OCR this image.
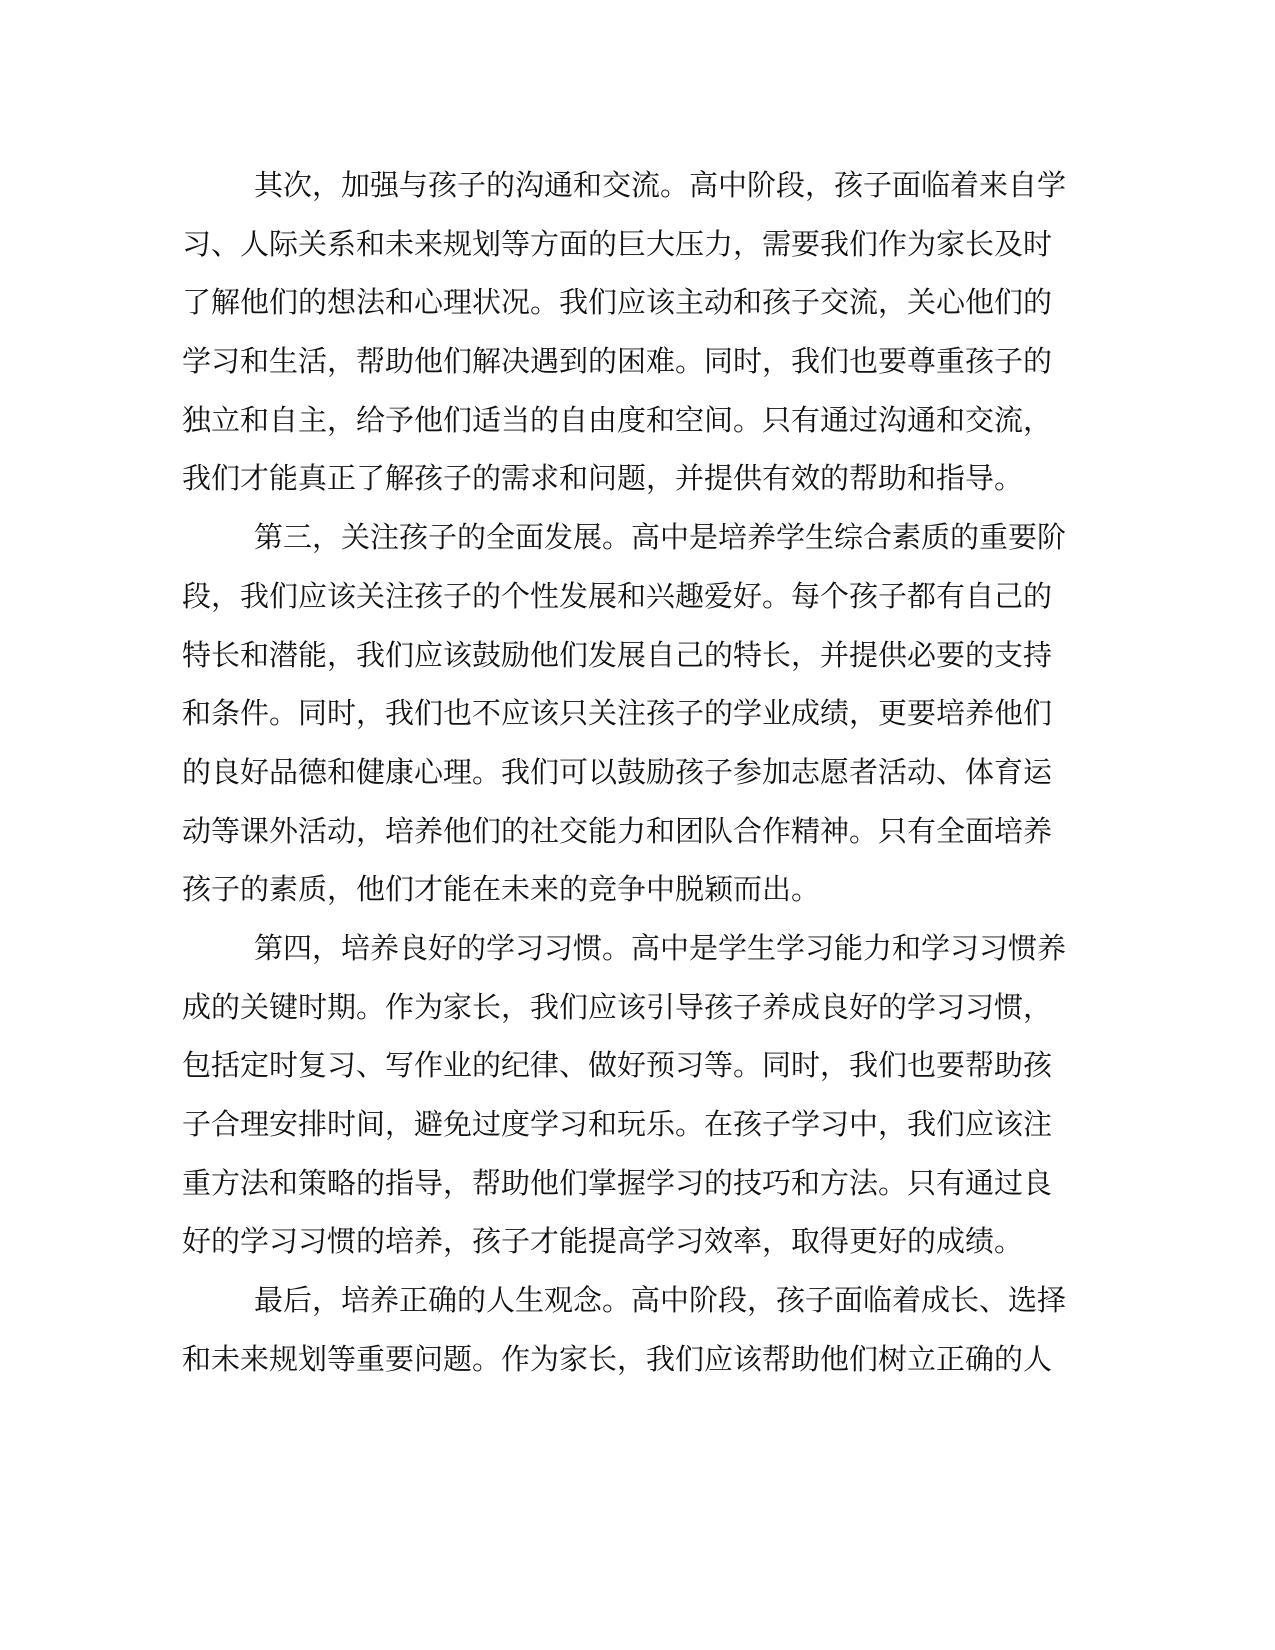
其次，加强与孩子的沟通和交流。高中阶段，孩子面临着来自学
习、人际关系和未来规划等方面的巨大压力，需要我们作为家长及时
了解他们的想法和心理状况。我们应该主动和孩子交流，关心他们的
学习和生活，帮助他们解决遇到的困难。同时，我们也要尊重孩子的
独立和自主，给予他们适当的自由度和空间。只有通过沟通和交流，
我们才能真正了解孩子的需求和问题，并提供有效的帮助和指导。
第三，关注孩子的全面发展。高中是培养学生综合素质的重要阶
段，我们应该关注孩子的个性发展和兴趣爱好。每个孩子都有自己的
特长和潜能，我们应该鼓励他们发展自己的特长，并提供必要的支持
和条件。同时，我们也不应该只关注孩子的学业成绩，更要培养他们
的良好品德和健康心理。我们可以鼓励孩子参加志愿者活动、体育运
动等课外活动，培养他们的社交能力和团队合作精神。只有全面培养
孩子的素质，他们才能在未来的竞争中脱颖而出。
第四，培养良好的学习习惯。高中是学生学习能力和学习习惯养
成的关键时期。作为家长，我们应该引导孩子养成良好的学习习惯，
包括定时复习、写作业的纪律、做好预习等。同时，我们也要帮助孩
子合理安排时间，避免过度学习和玩乐。在孩子学习中，我们应该注
重方法和策略的指导，帮助他们掌握学习的技巧和方法。只有通过良
好的学习习惯的培养，孩子才能提高学习效率，取得更好的成绩。
最后，培养正确的人生观念。高中阶段，孩子面临着成长、选择
和未来规划等重要问题。作为家长，我们应该帮助他们树立正确的人
